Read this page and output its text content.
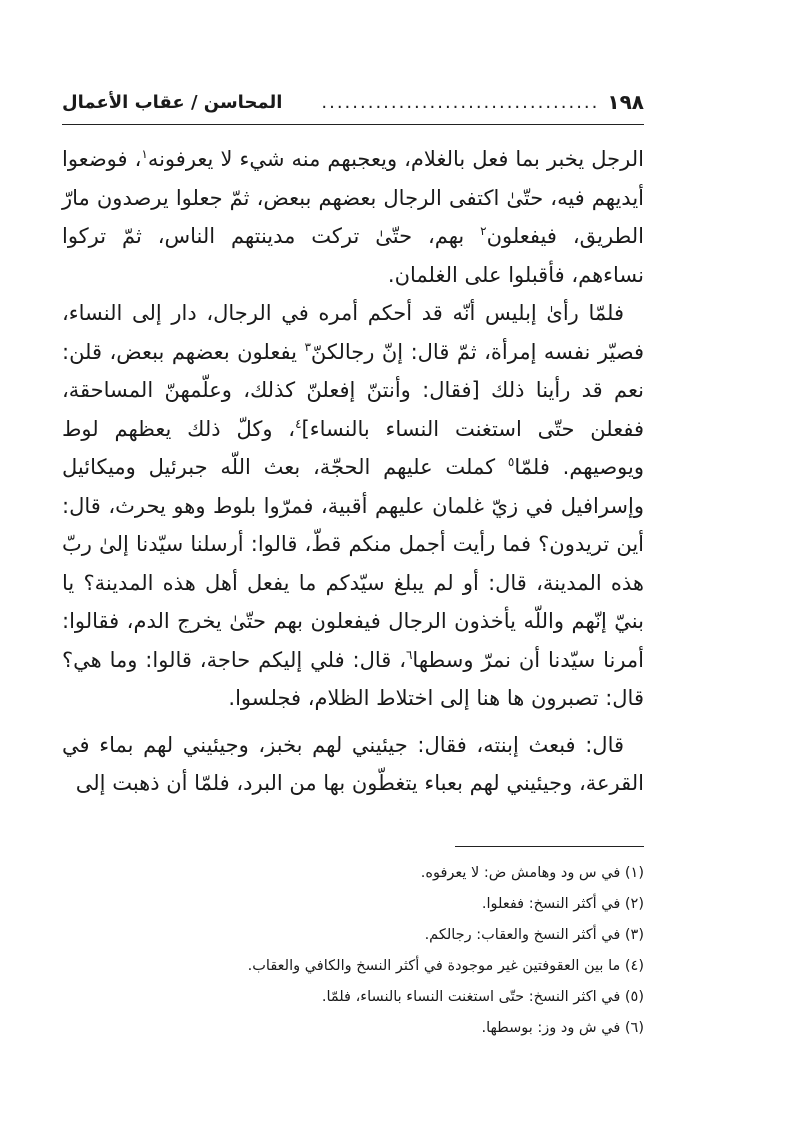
١٩٨
....................................
المحاسن / عقاب الأعمال

الرجل يخبر بما فعل بالغلام، ويعجبهم منه شيء لا يعرفونه$^١$، فوضعوا أيديهم فيه، حتّىٰ اكتفى الرجال بعضهم ببعض، ثمّ جعلوا يرصدون مارّ الطريق، فيفعلون$^٢$ بهم، حتّىٰ تركت مدينتهم الناس، ثمّ تركوا نساءهم، فأقبلوا على الغلمان.

فلمّا رأىٰ إبليس أنّه قد أحكم أمره في الرجال، دار إلى النساء، فصيّر نفسه إمرأة، ثمّ قال: إنّ رجالكنّ$^٣$ يفعلون بعضهم ببعض، قلن: نعم قد رأينا ذلك [فقال: وأنتنّ إفعلنّ كذلك، وعلّمهنّ المساحقة، ففعلن حتّى استغنت النساء بالنساء]$^٤$، وكلّ ذلك يعظهم لوط ويوصيهم. فلمّا$^٥$ كملت عليهم الحجّة، بعث اللّه جبرئيل وميكائيل وإسرافيل في زيّ غلمان عليهم أقبية، فمرّوا بلوط وهو يحرث، قال: أين تريدون؟ فما رأيت أجمل منكم قطّ، قالوا: أرسلنا سيّدنا إلىٰ ربّ هذه المدينة، قال: أو لم يبلغ سيّدكم ما يفعل أهل هذه المدينة؟ يا بنيّ إنّهم واللّه يأخذون الرجال فيفعلون بهم حتّىٰ يخرج الدم، فقالوا: أمرنا سيّدنا أن نمرّ وسطها$^٦$، قال: فلي إليكم حاجة، قالوا: وما هي؟ قال: تصبرون ها هنا إلى اختلاط الظلام، فجلسوا.

قال: فبعث إبنته، فقال: جيئيني لهم بخبز، وجيئيني لهم بماء في القرعة، وجيئيني لهم بعباء يتغطّون بها من البرد، فلمّا أن ذهبت إلى

(١) في س ود وهامش ض: لا يعرفوه.

(٢) في أكثر النسخ: ففعلوا.

(٣) في أكثر النسخ والعقاب: رجالكم.

(٤) ما بين العقوفتين غير موجودة في أكثر النسخ والكافي والعقاب.

(٥) في اكثر النسخ: حتّى استغنت النساء بالنساء، فلمّا.

(٦) في ش ود وز: بوسطها.
